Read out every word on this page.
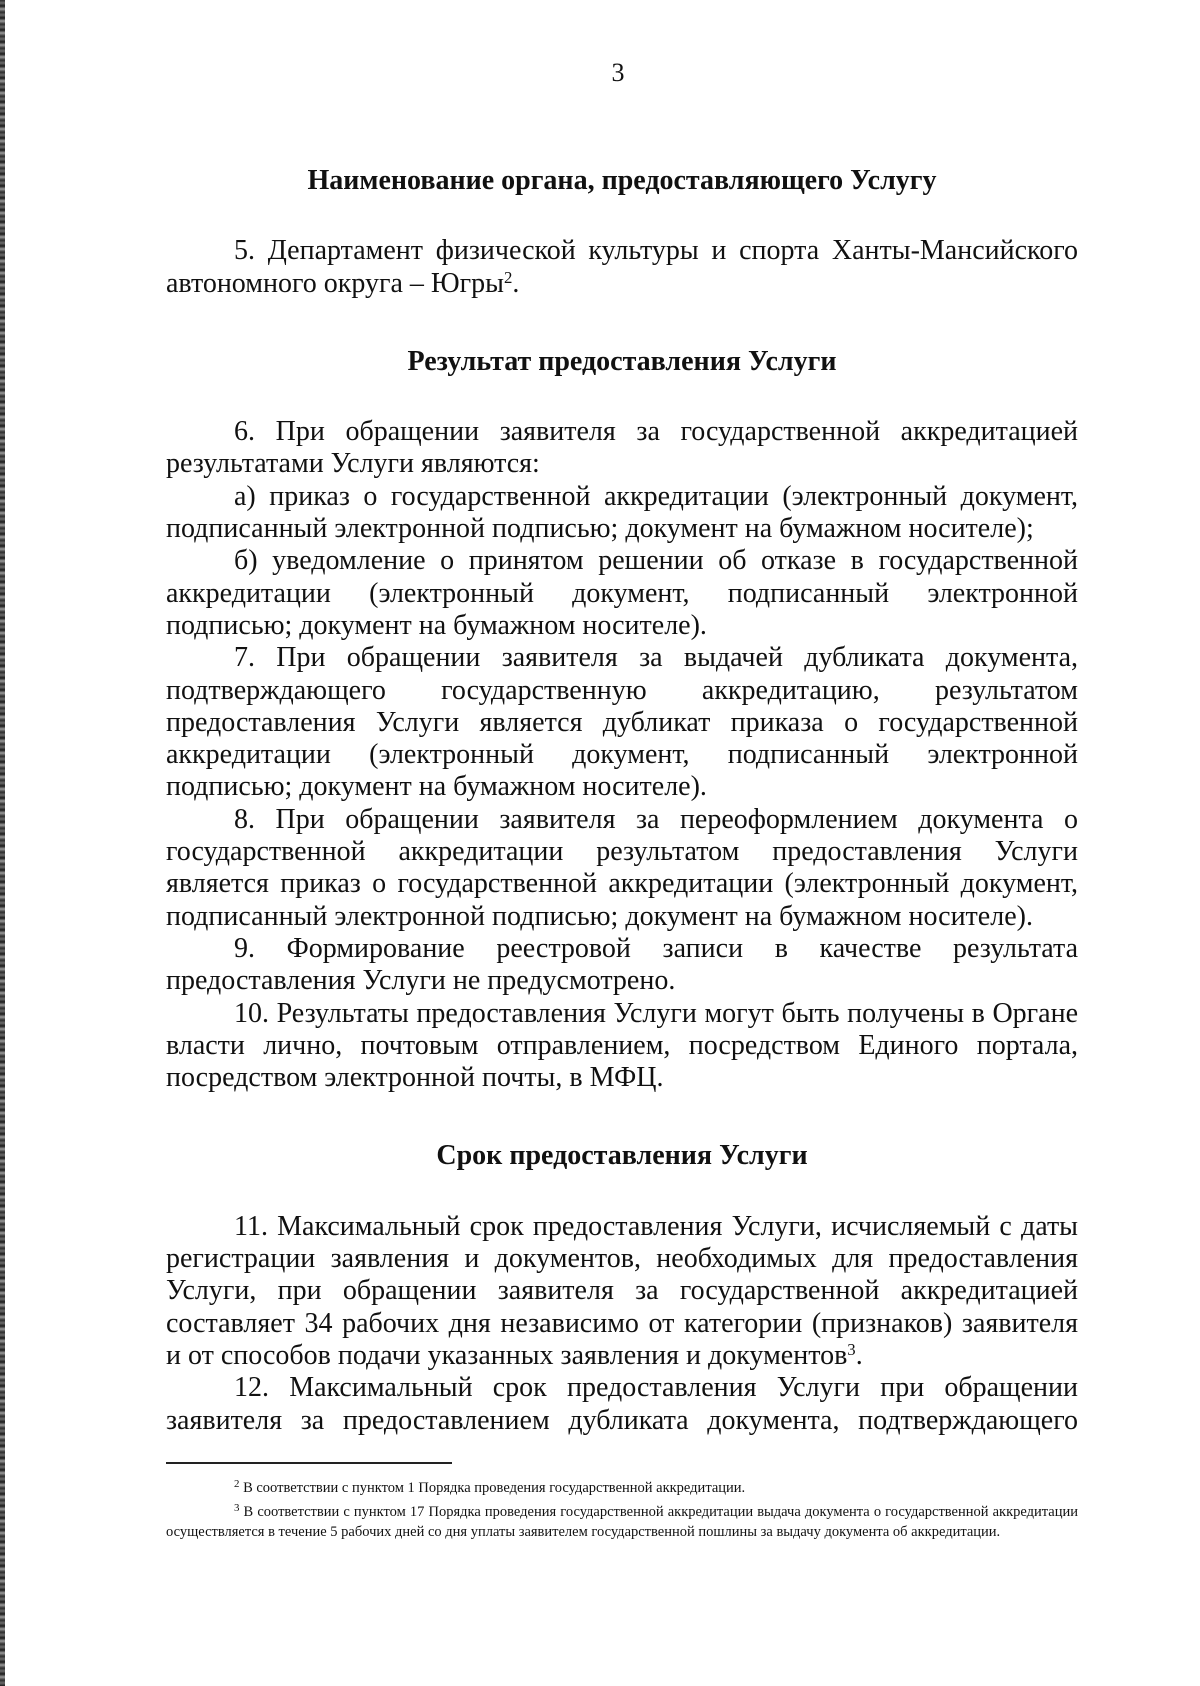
3
Наименование органа, предоставляющего Услугу

5. Департамент физической культуры и спорта Ханты-Мансийского автономного округа – Югры$^2$.

Результат предоставления Услуги

6. При обращении заявителя за государственной аккредитацией результатами Услуги являются:

а) приказ о государственной аккредитации (электронный документ, подписанный электронной подписью; документ на бумажном носителе);

б) уведомление о принятом решении об отказе в государственной аккредитации (электронный документ, подписанный электронной подписью; документ на бумажном носителе).

7. При обращении заявителя за выдачей дубликата документа, подтверждающего государственную аккредитацию, результатом предоставления Услуги является дубликат приказа о государственной аккредитации (электронный документ, подписанный электронной подписью; документ на бумажном носителе).

8. При обращении заявителя за переоформлением документа о государственной аккредитации результатом предоставления Услуги является приказ о государственной аккредитации (электронный документ, подписанный электронной подписью; документ на бумажном носителе).

9. Формирование реестровой записи в качестве результата предоставления Услуги не предусмотрено.

10. Результаты предоставления Услуги могут быть получены в Органе власти лично, почтовым отправлением, посредством Единого портала, посредством электронной почты, в МФЦ.

Срок предоставления Услуги

11. Максимальный срок предоставления Услуги, исчисляемый с даты регистрации заявления и документов, необходимых для предоставления Услуги, при обращении заявителя за государственной аккредитацией составляет 34 рабочих дня независимо от категории (признаков) заявителя и от способов подачи указанных заявления и документов$^3$.

12. Максимальный срок предоставления Услуги при обращении заявителя за предоставлением дубликата документа, подтверждающего

$^2$ В соответствии с пунктом 1 Порядка проведения государственной аккредитации.

$^3$ В соответствии с пунктом 17 Порядка проведения государственной аккредитации выдача документа о государственной аккредитации осуществляется в течение 5 рабочих дней со дня уплаты заявителем государственной пошлины за выдачу документа об аккредитации.
